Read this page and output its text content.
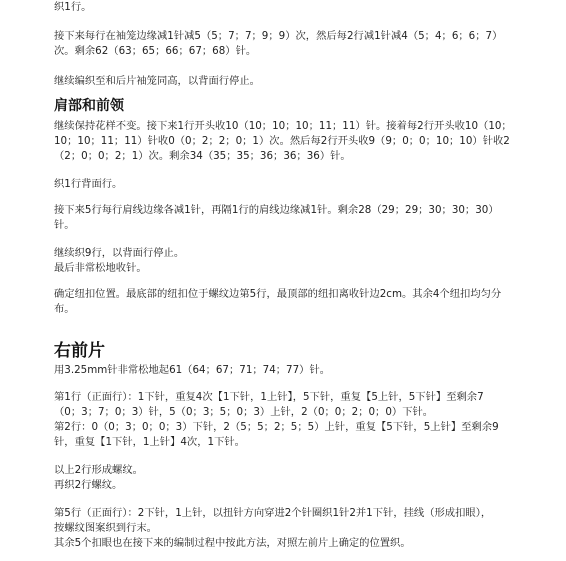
织1行。
接下来每行在袖笼边缘减1针减5（5；7；7；9；9）次，然后每2行减1针减4（5；4；6；6；7）
次。剩余62（63；65；66；67；68）针。
继续编织至和后片袖笼同高，以背面行停止。
肩部和前领
继续保持花样不变。接下来1行开头收10（10；10；10；11；11）针。接着每2行开头收10（10；
10；10；11；11）针收0（0；2；2；0；1）次。然后每2行开头收9（9；0；0；10；10）针收2
（2；0；0；2；1）次。剩余34（35；35；36；36；36）针。
织1行背面行。
接下来5行每行肩线边缘各减1针，再隔1行的肩线边缘减1针。剩余28（29；29；30；30；30）
针。
继续织9行，以背面行停止。
最后非常松地收针。
确定纽扣位置。最底部的纽扣位于螺纹边第5行，最顶部的纽扣离收针边2cm。其余4个纽扣均匀分
布。
右前片
用3.25mm针非常松地起61（64；67；71；74；77）针。
第1行（正面行）：1下针，重复4次【1下针，1上针】，5下针，重复【5上针，5下针】至剩余7
（0；3；7；0；3）针，5（0；3；5；0；3）上针，2（0；0；2；0；0）下针。
第2行：0（0；3；0；0；3）下针，2（5；5；2；5；5）上针，重复【5下针，5上针】至剩余9
针，重复【1下针，1上针】4次，1下针。
以上2行形成螺纹。
再织2行螺纹。
第5行（正面行）：2下针，1上针，以扭针方向穿进2个针圈织1针2并1下针，挂线（形成扣眼），
按螺纹图案织到行末。
其余5个扣眼也在接下来的编制过程中按此方法，对照左前片上确定的位置织。
